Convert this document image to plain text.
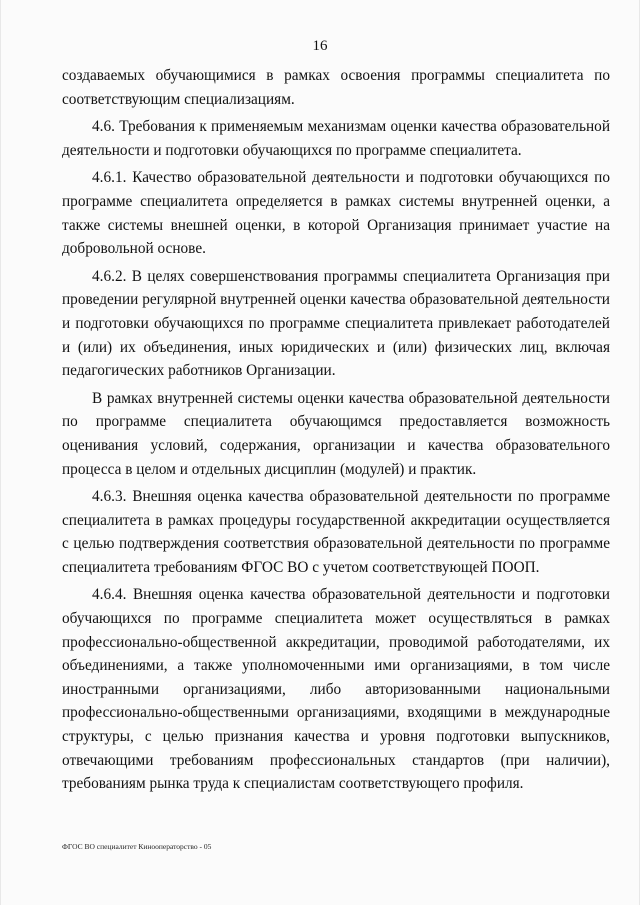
16

создаваемых обучающимися в рамках освоения программы специалитета по соответствующим специализациям.

4.6. Требования к применяемым механизмам оценки качества образовательной деятельности и подготовки обучающихся по программе специалитета.

4.6.1. Качество образовательной деятельности и подготовки обучающихся по программе специалитета определяется в рамках системы внутренней оценки, а также системы внешней оценки, в которой Организация принимает участие на добровольной основе.

4.6.2. В целях совершенствования программы специалитета Организация при проведении регулярной внутренней оценки качества образовательной деятельности и подготовки обучающихся по программе специалитета привлекает работодателей и (или) их объединения, иных юридических и (или) физических лиц, включая педагогических работников Организации.

В рамках внутренней системы оценки качества образовательной деятельности по программе специалитета обучающимся предоставляется возможность оценивания условий, содержания, организации и качества образовательного процесса в целом и отдельных дисциплин (модулей) и практик.

4.6.3. Внешняя оценка качества образовательной деятельности по программе специалитета в рамках процедуры государственной аккредитации осуществляется с целью подтверждения соответствия образовательной деятельности по программе специалитета требованиям ФГОС ВО с учетом соответствующей ПООП.

4.6.4. Внешняя оценка качества образовательной деятельности и подготовки обучающихся по программе специалитета может осуществляться в рамках профессионально-общественной аккредитации, проводимой работодателями, их объединениями, а также уполномоченными ими организациями, в том числе иностранными организациями, либо авторизованными национальными профессионально-общественными организациями, входящими в международные структуры, с целью признания качества и уровня подготовки выпускников, отвечающими требованиям профессиональных стандартов (при наличии), требованиям рынка труда к специалистам соответствующего профиля.

ФГОС ВО специалитет Кинооператорство - 05
